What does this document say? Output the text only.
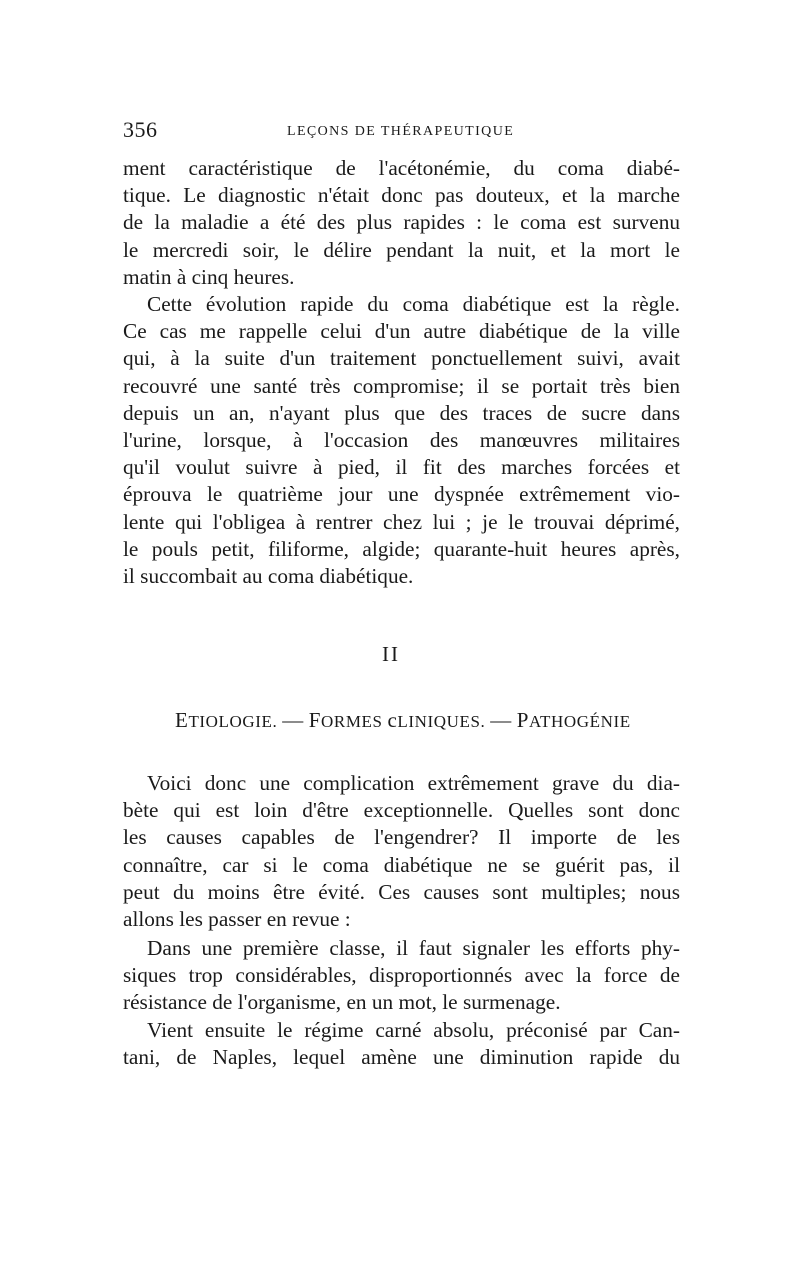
356	LEÇONS DE THÉRAPEUTIQUE
ment caractéristique de l'acétonémie, du coma diabé-
tique. Le diagnostic n'était donc pas douteux, et la marche
de la maladie a été des plus rapides : le coma est survenu
le mercredi soir, le délire pendant la nuit, et la mort le
matin à cinq heures.
Cette évolution rapide du coma diabétique est la règle.
Ce cas me rappelle celui d'un autre diabétique de la ville
qui, à la suite d'un traitement ponctuellement suivi, avait
recouvré une santé très compromise; il se portait très bien
depuis un an, n'ayant plus que des traces de sucre dans
l'urine, lorsque, à l'occasion des manœuvres militaires
qu'il voulut suivre à pied, il fit des marches forcées et
éprouva le quatrième jour une dyspnée extrêmement vio-
lente qui l'obligea à rentrer chez lui ; je le trouvai déprimé,
le pouls petit, filiforme, algide; quarante-huit heures après,
il succombait au coma diabétique.
II
ETIOLOGIE. — FORMES cLINIQUES. — PATHOGÉNIE
Voici donc une complication extrêmement grave du dia-
bète qui est loin d'être exceptionnelle. Quelles sont donc
les causes capables de l'engendrer? Il importe de les
connaître, car si le coma diabétique ne se guérit pas, il
peut du moins être évité. Ces causes sont multiples; nous
allons les passer en revue :
Dans une première classe, il faut signaler les efforts phy-
siques trop considérables, disproportionnés avec la force de
résistance de l'organisme, en un mot, le surmenage.
Vient ensuite le régime carné absolu, préconisé par Can-
tani, de Naples, lequel amène une diminution rapide du
